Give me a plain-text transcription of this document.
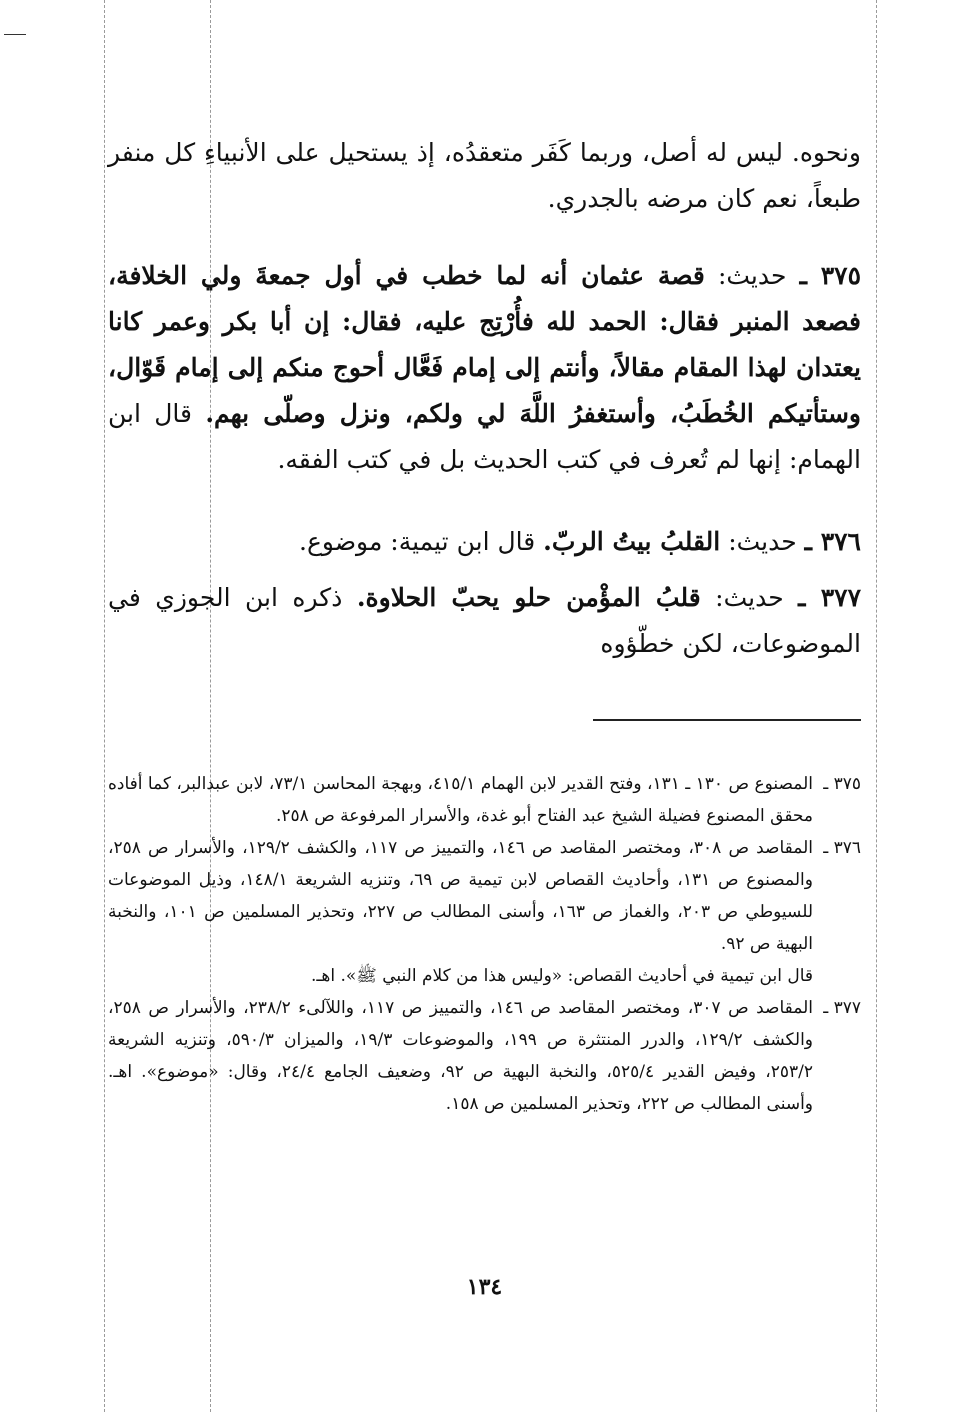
ونحوه. ليس له أصل، وربما كَفَر متعقدُه، إذ يستحيل على الأنبياءِ كل منفر طبعاً، نعم كان مرضه بالجدري.
٣٧٥ ـ حديث: قصة عثمان أنه لما خطب في أول جمعةَ ولي الخلافة، فصعد المنبر فقال: الحمد لله فأُرْتِج عليه، فقال: إن أبا بكر وعمر كانا يعتدان لهذا المقام مقالاً، وأنتم إلى إمام فَعَّال أحوج منكم إلى إمام قَوّال، وستأتيكم الخُطَبُ، وأستغفرُ اللَّهَ لي ولكم، ونزل وصلّى بهم. قال ابن الهمام: إنها لم تُعرف في كتب الحديث بل في كتب الفقه.
٣٧٦ ـ حديث: القلبُ بيتُ الربّ. قال ابن تيمية: موضوع.
٣٧٧ ـ حديث: قلبُ المؤْمن حلو يحبّ الحلاوة. ذكره ابن الجوزي في الموضوعات، لكن خطّؤوه
٣٧٥ ـ
المصنوع ص ١٣٠ ـ ١٣١، وفتح القدير لابن الهمام ٤١٥/١، وبهجة المحاسن ٧٣/١، لابن عبدالبر، كما أفاده محقق المصنوع فضيلة الشيخ عبد الفتاح أبو غدة، والأسرار المرفوعة ص ٢٥٨.
٣٧٦ ـ
المقاصد ص ٣٠٨، ومختصر المقاصد ص ١٤٦، والتمييز ص ١١٧، والكشف ١٢٩/٢، والأسرار ص ٢٥٨، والمصنوع ص ١٣١، وأحاديث القصاص لابن تيمية ص ٦٩، وتنزيه الشريعة ١٤٨/١، وذيل الموضوعات للسيوطي ص ٢٠٣، والغماز ص ١٦٣، وأسنى المطالب ص ٢٢٧، وتحذير المسلمين ص ١٠١، والنخبة البهية ص ٩٢.
قال ابن تيمية في أحاديث القصاص: «وليس هذا من كلام النبي ﷺ». اهـ.
٣٧٧ ـ
المقاصد ص ٣٠٧، ومختصر المقاصد ص ١٤٦، والتمييز ص ١١٧، واللآلىء ٢٣٨/٢، والأسرار ص ٢٥٨، والكشف ١٢٩/٢، والدرر المنتثرة ص ١٩٩، والموضوعات ١٩/٣، والميزان ٥٩٠/٣، وتنزيه الشريعة ٢٥٣/٢، وفيض القدير ٥٢٥/٤، والنخبة البهية ص ٩٢، وضعيف الجامع ٢٤/٤، وقال: «موضوع». اهـ. وأسنى المطالب ص ٢٢٢، وتحذير المسلمين ص ١٥٨.
١٣٤
